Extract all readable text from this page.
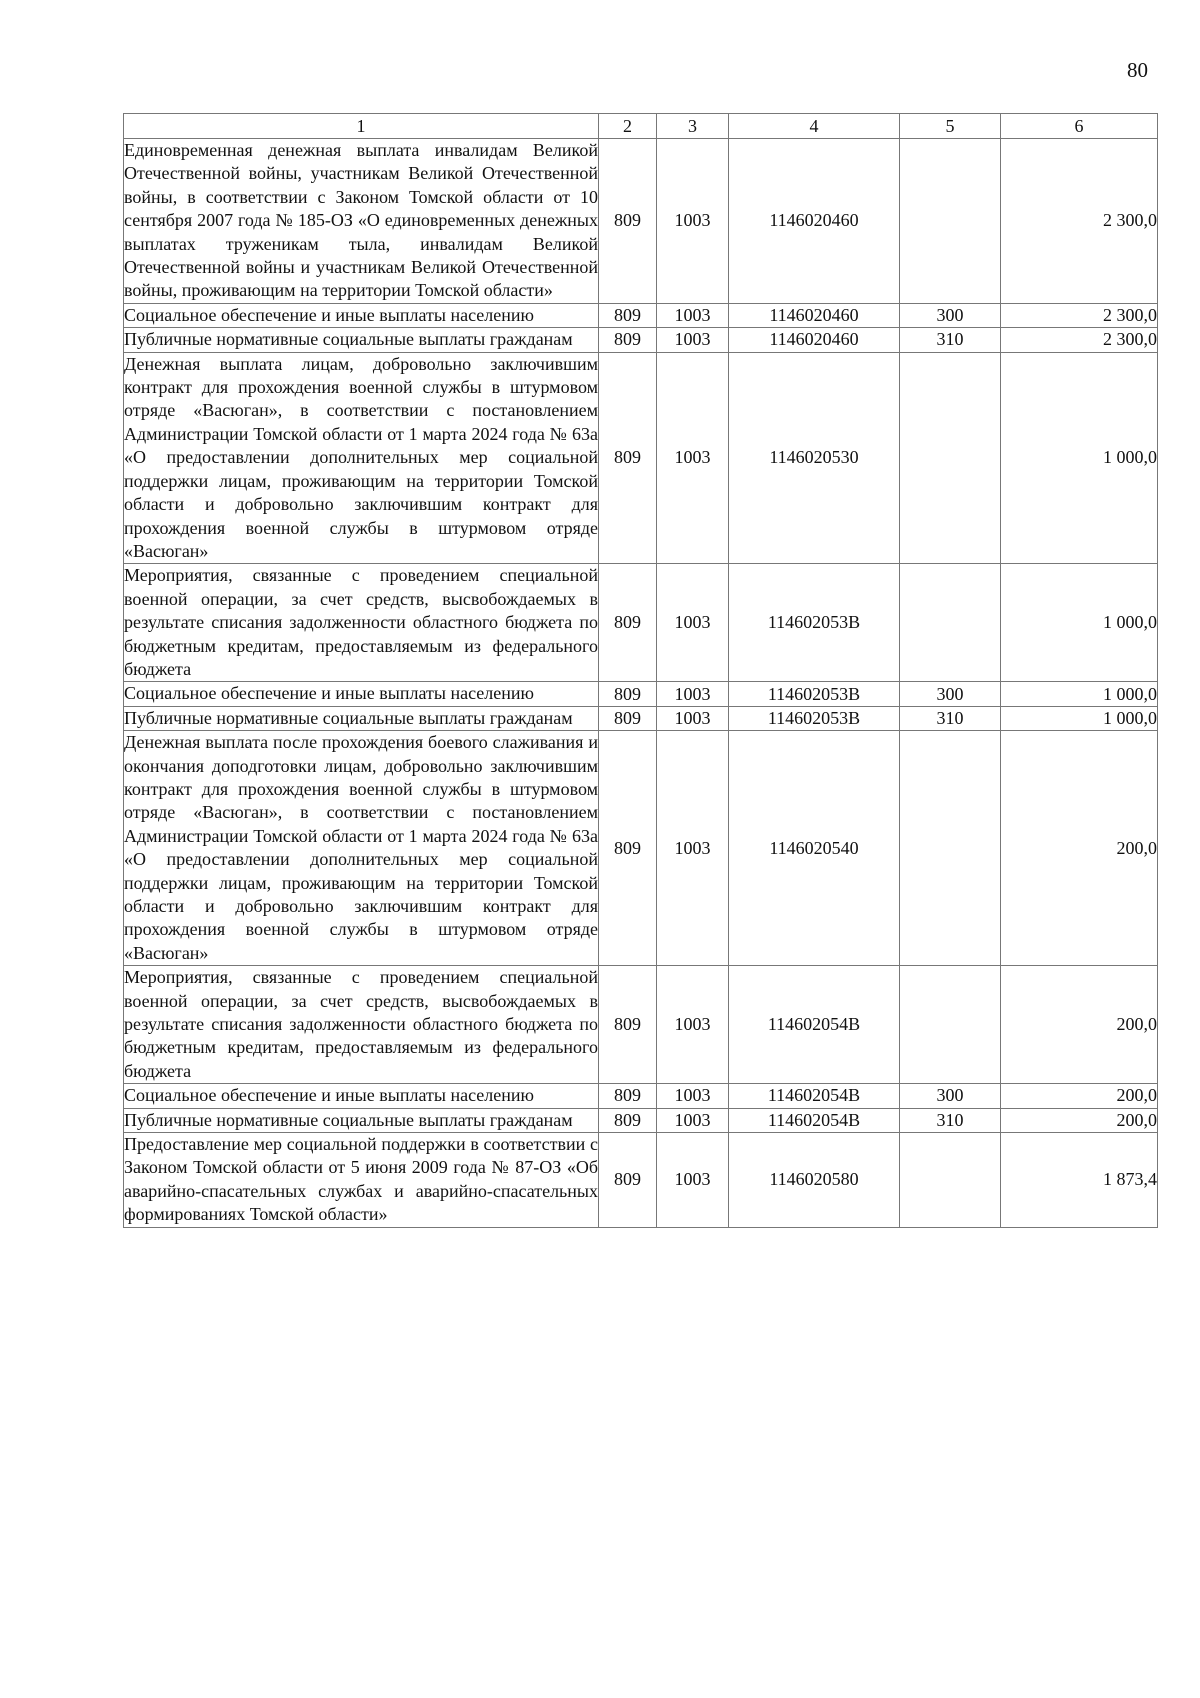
80
1	2	3	4	5	6
Единовременная денежная выплата инвалидам Великой Отечественной войны, участникам Великой Отечественной войны, в соответствии с Законом Томской области от 10 сентября 2007 года № 185-ОЗ «О единовременных денежных выплатах труженикам тыла, инвалидам Великой Отечественной войны и участникам Великой Отечественной войны, проживающим на территории Томской области»	809	1003	1146020460		2 300,0
Социальное обеспечение и иные выплаты населению	809	1003	1146020460	300	2 300,0
Публичные нормативные социальные выплаты гражданам	809	1003	1146020460	310	2 300,0
Денежная выплата лицам, добровольно заключившим контракт для прохождения военной службы в штурмовом отряде «Васюган», в соответствии с постановлением Администрации Томской области от 1 марта 2024 года № 63а «О предоставлении дополнительных мер социальной поддержки лицам, проживающим на территории Томской области и добровольно заключившим контракт для прохождения военной службы в штурмовом отряде «Васюган»	809	1003	1146020530		1 000,0
Мероприятия, связанные с проведением специальной военной операции, за счет средств, высвобождаемых в результате списания задолженности областного бюджета по бюджетным кредитам, предоставляемым из федерального бюджета	809	1003	114602053В		1 000,0
Социальное обеспечение и иные выплаты населению	809	1003	114602053В	300	1 000,0
Публичные нормативные социальные выплаты гражданам	809	1003	114602053В	310	1 000,0
Денежная выплата после прохождения боевого слаживания и окончания доподготовки лицам, добровольно заключившим контракт для прохождения военной службы в штурмовом отряде «Васюган», в соответствии с постановлением Администрации Томской области от 1 марта 2024 года № 63а «О предоставлении дополнительных мер социальной поддержки лицам, проживающим на территории Томской области и добровольно заключившим контракт для прохождения военной службы в штурмовом отряде «Васюган»	809	1003	1146020540		200,0
Мероприятия, связанные с проведением специальной военной операции, за счет средств, высвобождаемых в результате списания задолженности областного бюджета по бюджетным кредитам, предоставляемым из федерального бюджета	809	1003	114602054В		200,0
Социальное обеспечение и иные выплаты населению	809	1003	114602054В	300	200,0
Публичные нормативные социальные выплаты гражданам	809	1003	114602054В	310	200,0
Предоставление мер социальной поддержки в соответствии с Законом Томской области от 5 июня 2009 года № 87-ОЗ «Об аварийно-спасательных службах и аварийно-спасательных формированиях Томской области»	809	1003	1146020580		1 873,4
